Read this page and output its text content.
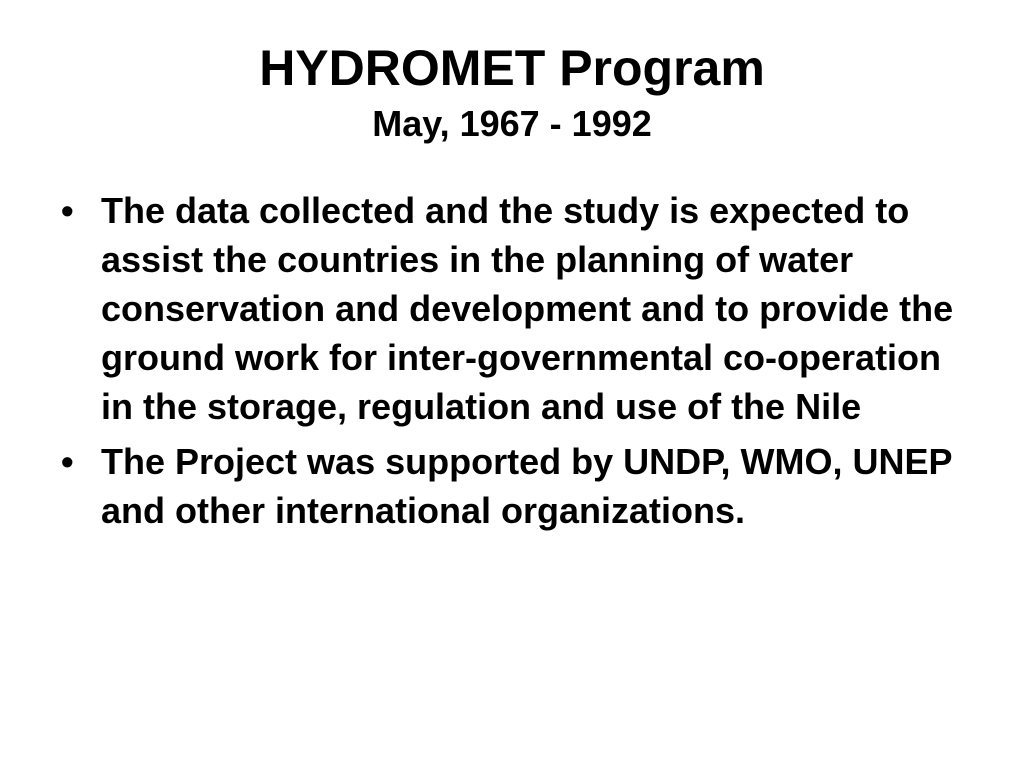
HYDROMET Program
May, 1967 - 1992
• The data collected and the study is expected to assist the countries in the planning of water conservation and development and to provide the ground work for inter-governmental co-operation in the storage, regulation and use of the Nile
• The Project was supported by UNDP, WMO, UNEP and other international organizations.
